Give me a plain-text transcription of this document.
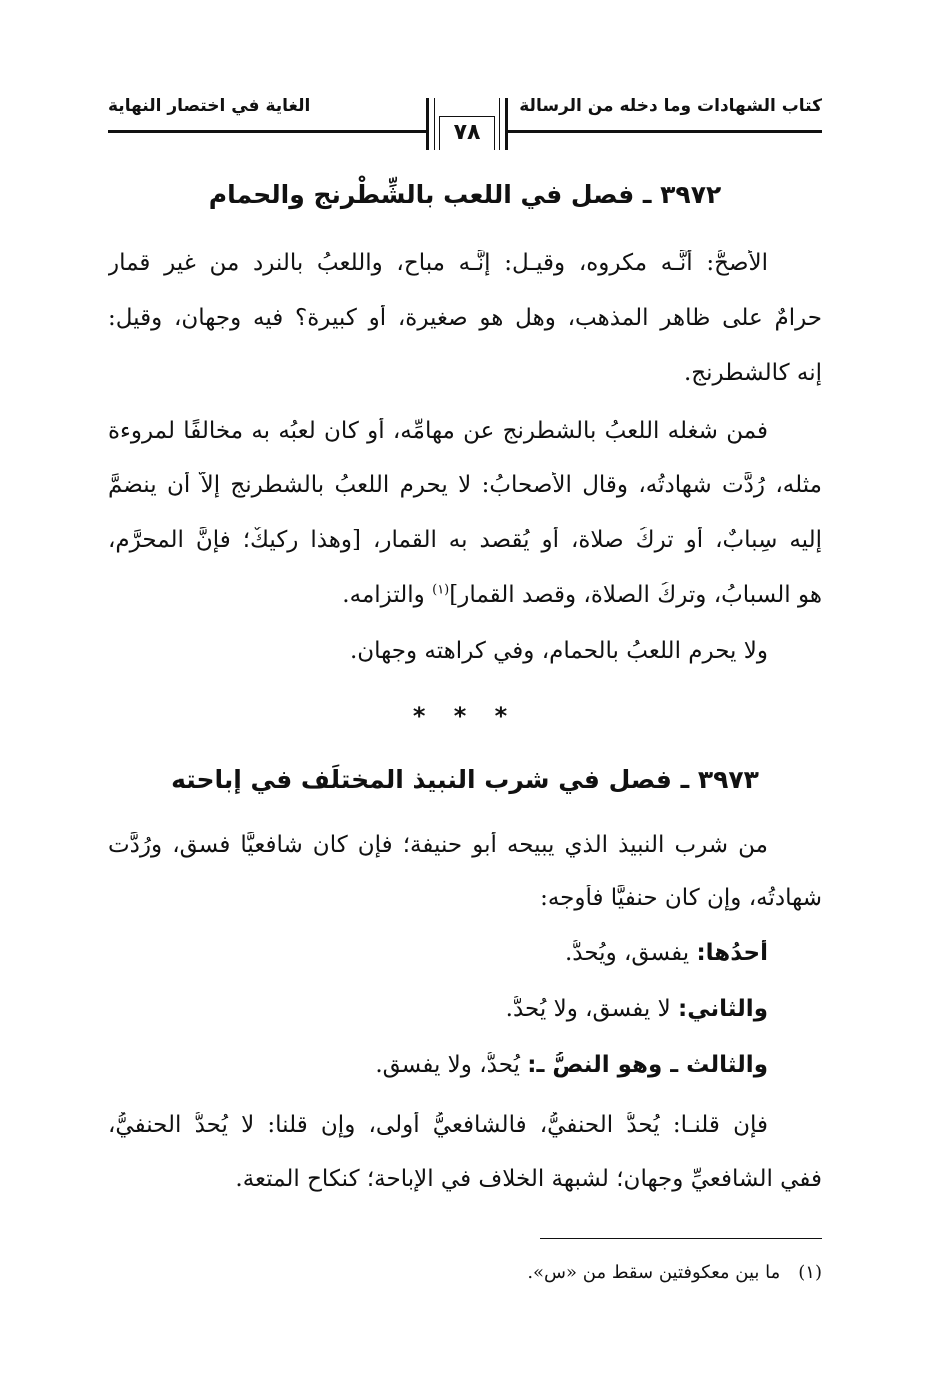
كتاب الشهادات وما دخله من الرسالة
الغاية في اختصار النهاية
٧٨
٣٩٧٢ ـ فصل في اللعب بالشِّطْرنج والحمام
الأصحُّ: أنَّـه مكروه، وقيـل: إنَّـه مباح، واللعبُ بالنرد من غير قمار
حرامٌ على ظاهر المذهب، وهل هو صغيرة، أو كبيرة؟ فيه وجهان، وقيل:
إنه كالشطرنج.
فمن شغله اللعبُ بالشطرنج عن مهامِّه، أو كان لعبُه به مخالفًا لمروءة
مثله، رُدَّت شهادتُه، وقال الأصحابُ: لا يحرم اللعبُ بالشطرنج إلاَّ أن ينضمَّ
إليه سِبابٌ، أو تركُ صلاة، أو يُقصد به القمار، [وهذا ركيكٌ؛ فإنَّ المحرَّم،
هو السبابُ، وتركُ الصلاة، وقصد القمار]$^{(١)}$ والتزامه.
ولا يحرم اللعبُ بالحمام، وفي كراهته وجهان.
* * *
٣٩٧٣ ـ فصل في شرب النبيذ المختلَف في إباحته
من شرب النبيذ الذي يبيحه أبو حنيفة؛ فإن كان شافعيًّا فسق، ورُدَّت
شهادتُه، وإن كان حنفيًّا فأوجه:
أحدُها: يفسق، ويُحدُّ.
والثاني: لا يفسق، ولا يُحدُّ.
والثالث ـ وهو النصُّ ـ: يُحدُّ، ولا يفسق.
فإن قلنـا: يُحدُّ الحنفيُّ، فالشافعيُّ أولى، وإن قلنا: لا يُحدُّ الحنفيُّ،
ففي الشافعيِّ وجهان؛ لشبهة الخلاف في الإباحة؛ كنكاح المتعة.
(١)ما بين معكوفتين سقط من «س».
